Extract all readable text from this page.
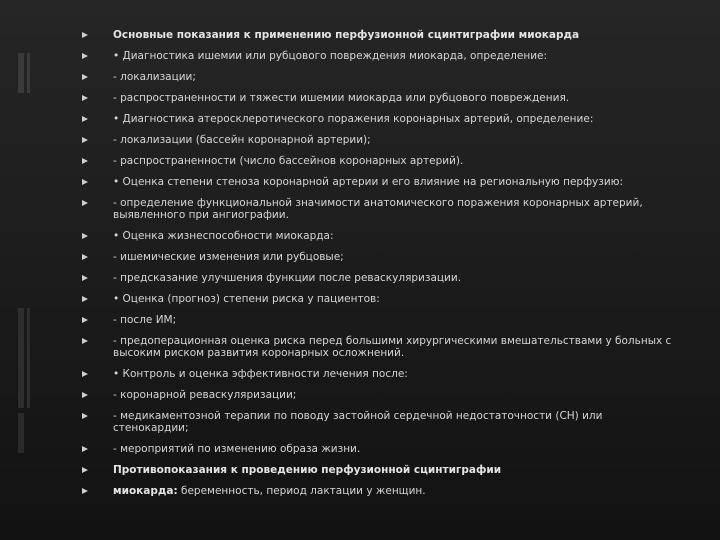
Основные показания к применению перфузионной сцинтиграфии миокарда
• Диагностика ишемии или рубцового повреждения миокарда, определение:
- локализации;
- распространенности и тяжести ишемии миокарда или рубцового повреждения.
• Диагностика атеросклеротического поражения коронарных артерий, определение:
- локализации (бассейн коронарной артерии);
- распространенности (число бассейнов коронарных артерий).
• Оценка степени стеноза коронарной артерии и его влияние на региональную перфузию:
- определение функциональной значимости анатомического поражения коронарных артерий, выявленного при ангиографии.
• Оценка жизнеспособности миокарда:
- ишемические изменения или рубцовые;
- предсказание улучшения функции после реваскуляризации.
• Оценка (прогноз) степени риска у пациентов:
- после ИМ;
- предоперационная оценка риска перед большими хирургическими вмешательствами у больных с высоким риском развития коронарных осложнений.
• Контроль и оценка эффективности лечения после:
- коронарной реваскуляризации;
- медикаментозной терапии по поводу застойной сердечной недостаточности (СН) или стенокардии;
- мероприятий по изменению образа жизни.
Противопоказания к проведению перфузионной сцинтиграфии
миокарда: беременность, период лактации у женщин.
